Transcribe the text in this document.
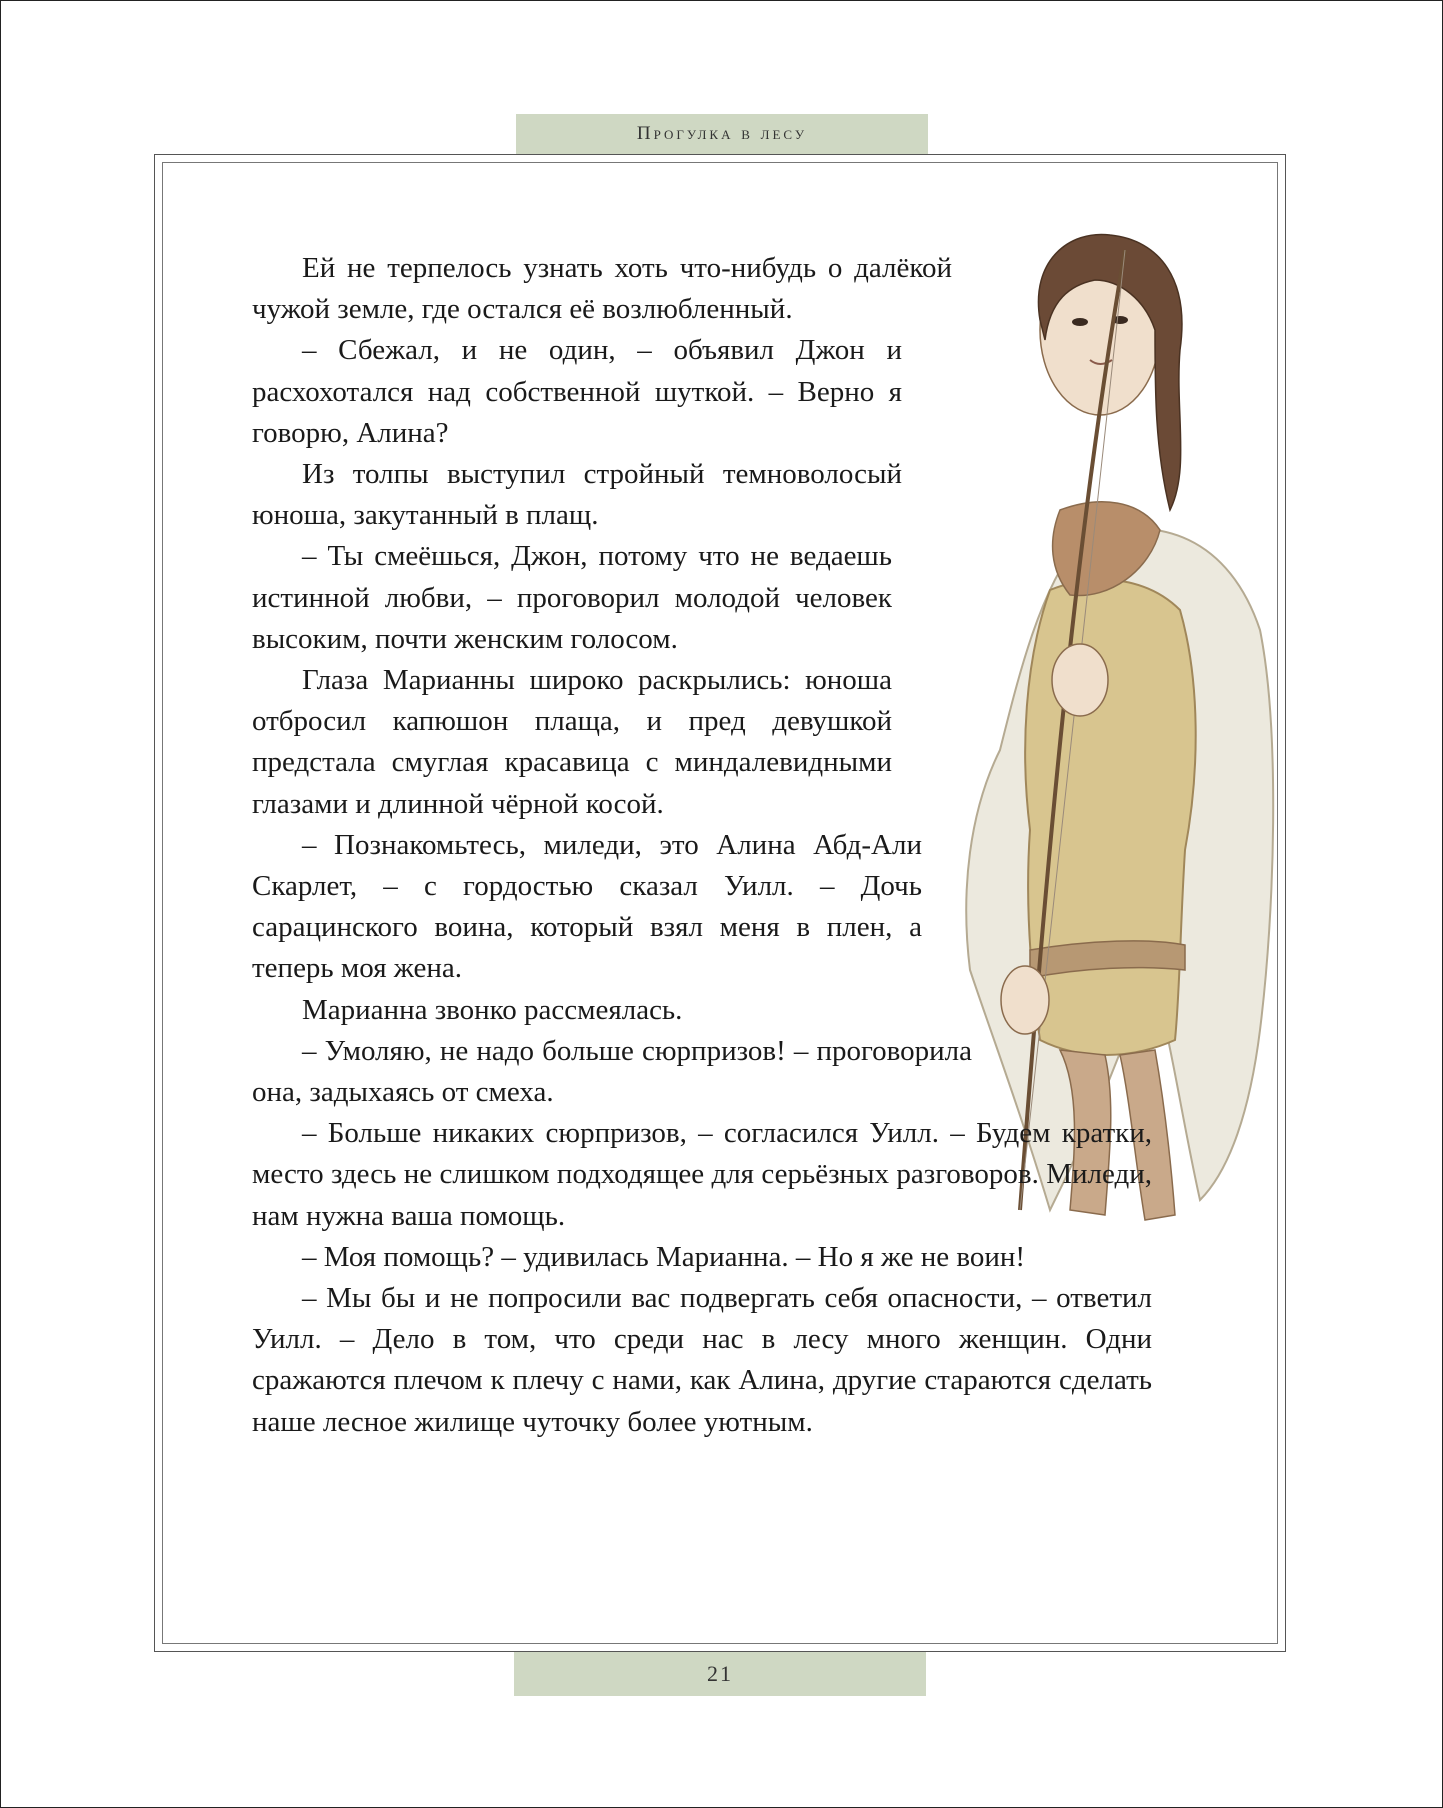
Прогулка в лесу

Ей не терпелось узнать хоть что-нибудь о далёкой чужой земле, где остался её возлюбленный.

– Сбежал, и не один, – объявил Джон и расхохотался над собственной шуткой. – Верно я говорю, Алина?

Из толпы выступил стройный темноволосый юноша, закутанный в плащ.

– Ты смеёшься, Джон, потому что не ведаешь истинной любви, – проговорил молодой человек высоким, почти женским голосом.

Глаза Марианны широко раскрылись: юноша отбросил капюшон плаща, и пред девушкой предстала смуглая красавица с миндалевидными глазами и длинной чёрной косой.

– Познакомьтесь, миледи, это Алина Абд-Али Скарлет, – с гордостью сказал Уилл. – Дочь сарацинского воина, который взял меня в плен, а теперь моя жена.

Марианна звонко рассмеялась.

– Умоляю, не надо больше сюрпризов! – проговорила она, задыхаясь от смеха.

– Больше никаких сюрпризов, – согласился Уилл. – Будем кратки, место здесь не слишком подходящее для серьёзных разговоров. Миледи, нам нужна ваша помощь.

– Моя помощь? – удивилась Марианна. – Но я же не воин!

– Мы бы и не попросили вас подвергать себя опасности, – ответил Уилл. – Дело в том, что среди нас в лесу много женщин. Одни сражаются плечом к плечу с нами, как Алина, другие стараются сделать наше лесное жилище чуточку более уютным.

21
